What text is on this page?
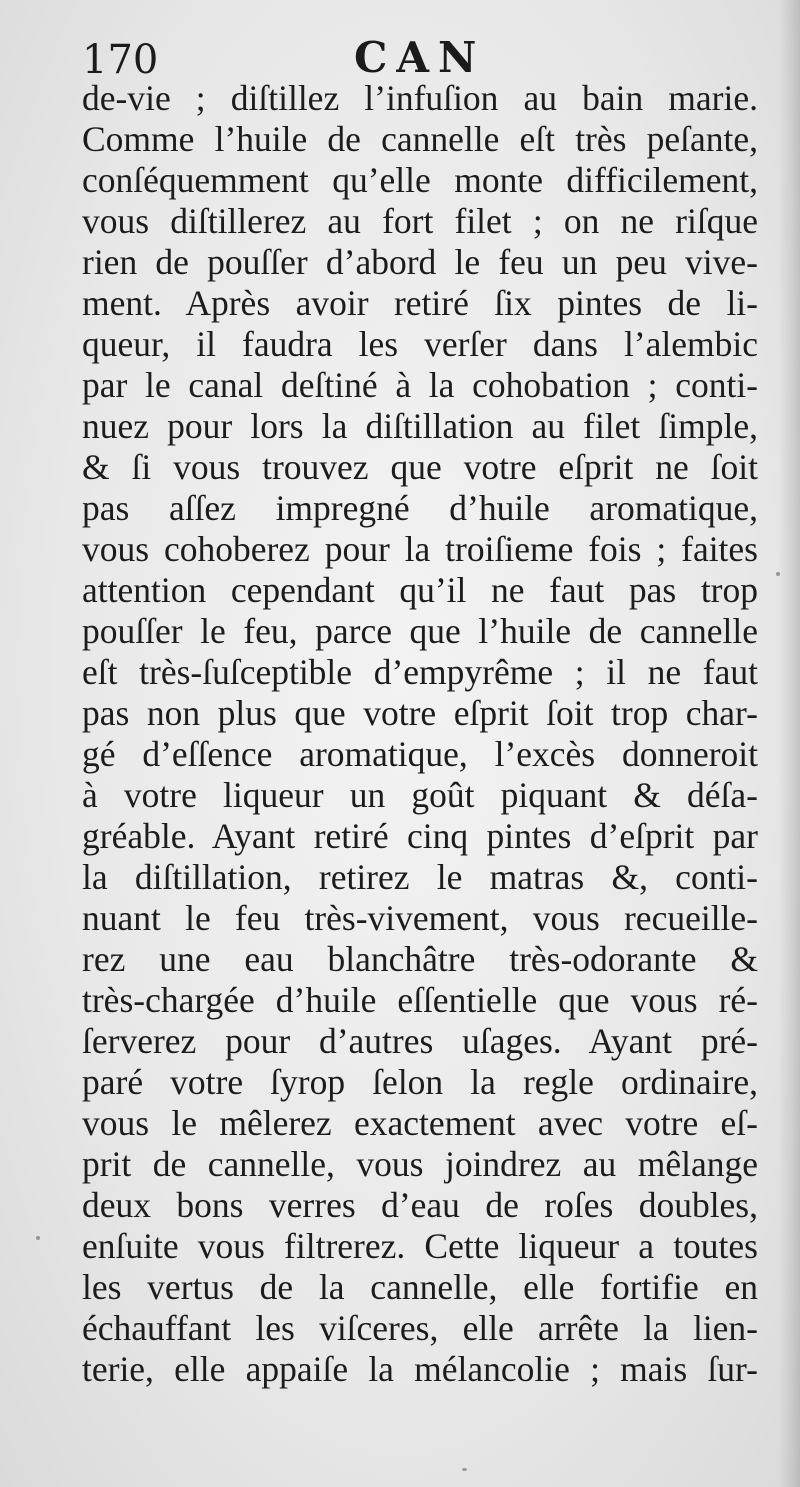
170	CAN
de-vie ; diſtillez l’infuſion au bain marie.
Comme l’huile de cannelle eſt très peſante,
conſéquemment qu’elle monte difficilement,
vous diſtillerez au fort filet ; on ne riſque
rien de pouſſer d’abord le feu un peu vive-
ment. Après avoir retiré ſix pintes de li-
queur, il faudra les verſer dans l’alembic
par le canal deſtiné à la cohobation ; conti-
nuez pour lors la diſtillation au filet ſimple,
& ſi vous trouvez que votre eſprit ne ſoit
pas aſſez impregné d’huile aromatique,
vous cohoberez pour la troiſieme fois ; faites
attention cependant qu’il ne faut pas trop
pouſſer le feu, parce que l’huile de cannelle
eſt très-ſuſceptible d’empyrême ; il ne faut
pas non plus que votre eſprit ſoit trop char-
gé d’eſſence aromatique, l’excès donneroit
à votre liqueur un goût piquant & déſa-
gréable. Ayant retiré cinq pintes d’eſprit par
la diſtillation, retirez le matras &, conti-
nuant le feu très-vivement, vous recueille-
rez une eau blanchâtre très-odorante &
très-chargée d’huile eſſentielle que vous ré-
ſerverez pour d’autres uſages. Ayant pré-
paré votre ſyrop ſelon la regle ordinaire,
vous le mêlerez exactement avec votre eſ-
prit de cannelle, vous joindrez au mêlange
deux bons verres d’eau de roſes doubles,
enſuite vous filtrerez. Cette liqueur a toutes
les vertus de la cannelle, elle fortifie en
échauffant les viſceres, elle arrête la lien-
terie, elle appaiſe la mélancolie ; mais ſur-
